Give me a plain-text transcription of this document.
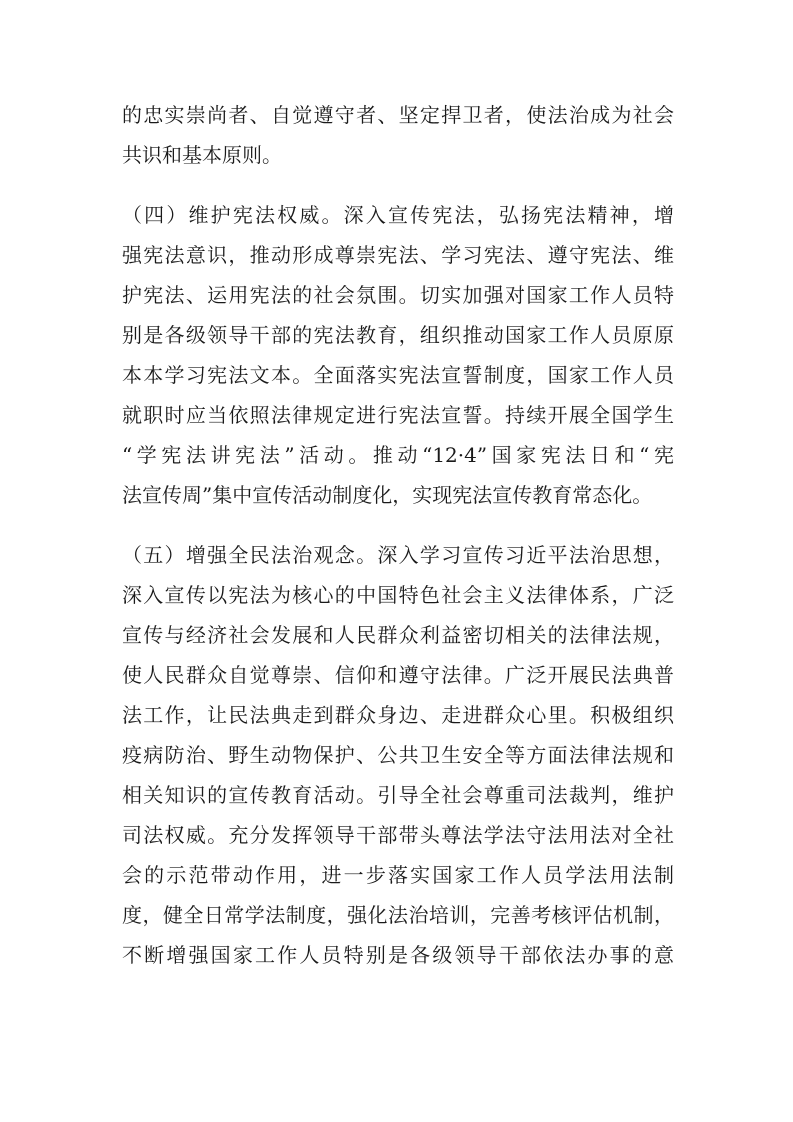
的忠实崇尚者、自觉遵守者、坚定捍卫者，使法治成为社会
共识和基本原则。
（四）维护宪法权威。深入宣传宪法，弘扬宪法精神，增
强宪法意识，推动形成尊崇宪法、学习宪法、遵守宪法、维
护宪法、运用宪法的社会氛围。切实加强对国家工作人员特
别是各级领导干部的宪法教育，组织推动国家工作人员原原
本本学习宪法文本。全面落实宪法宣誓制度，国家工作人员
就职时应当依照法律规定进行宪法宣誓。持续开展全国学生
“学宪法讲宪法”活动。推动“12·4”国家宪法日和“宪
法宣传周”集中宣传活动制度化，实现宪法宣传教育常态化。
（五）增强全民法治观念。深入学习宣传习近平法治思想，
深入宣传以宪法为核心的中国特色社会主义法律体系，广泛
宣传与经济社会发展和人民群众利益密切相关的法律法规，
使人民群众自觉尊崇、信仰和遵守法律。广泛开展民法典普
法工作，让民法典走到群众身边、走进群众心里。积极组织
疫病防治、野生动物保护、公共卫生安全等方面法律法规和
相关知识的宣传教育活动。引导全社会尊重司法裁判，维护
司法权威。充分发挥领导干部带头尊法学法守法用法对全社
会的示范带动作用，进一步落实国家工作人员学法用法制
度，健全日常学法制度，强化法治培训，完善考核评估机制，
不断增强国家工作人员特别是各级领导干部依法办事的意
